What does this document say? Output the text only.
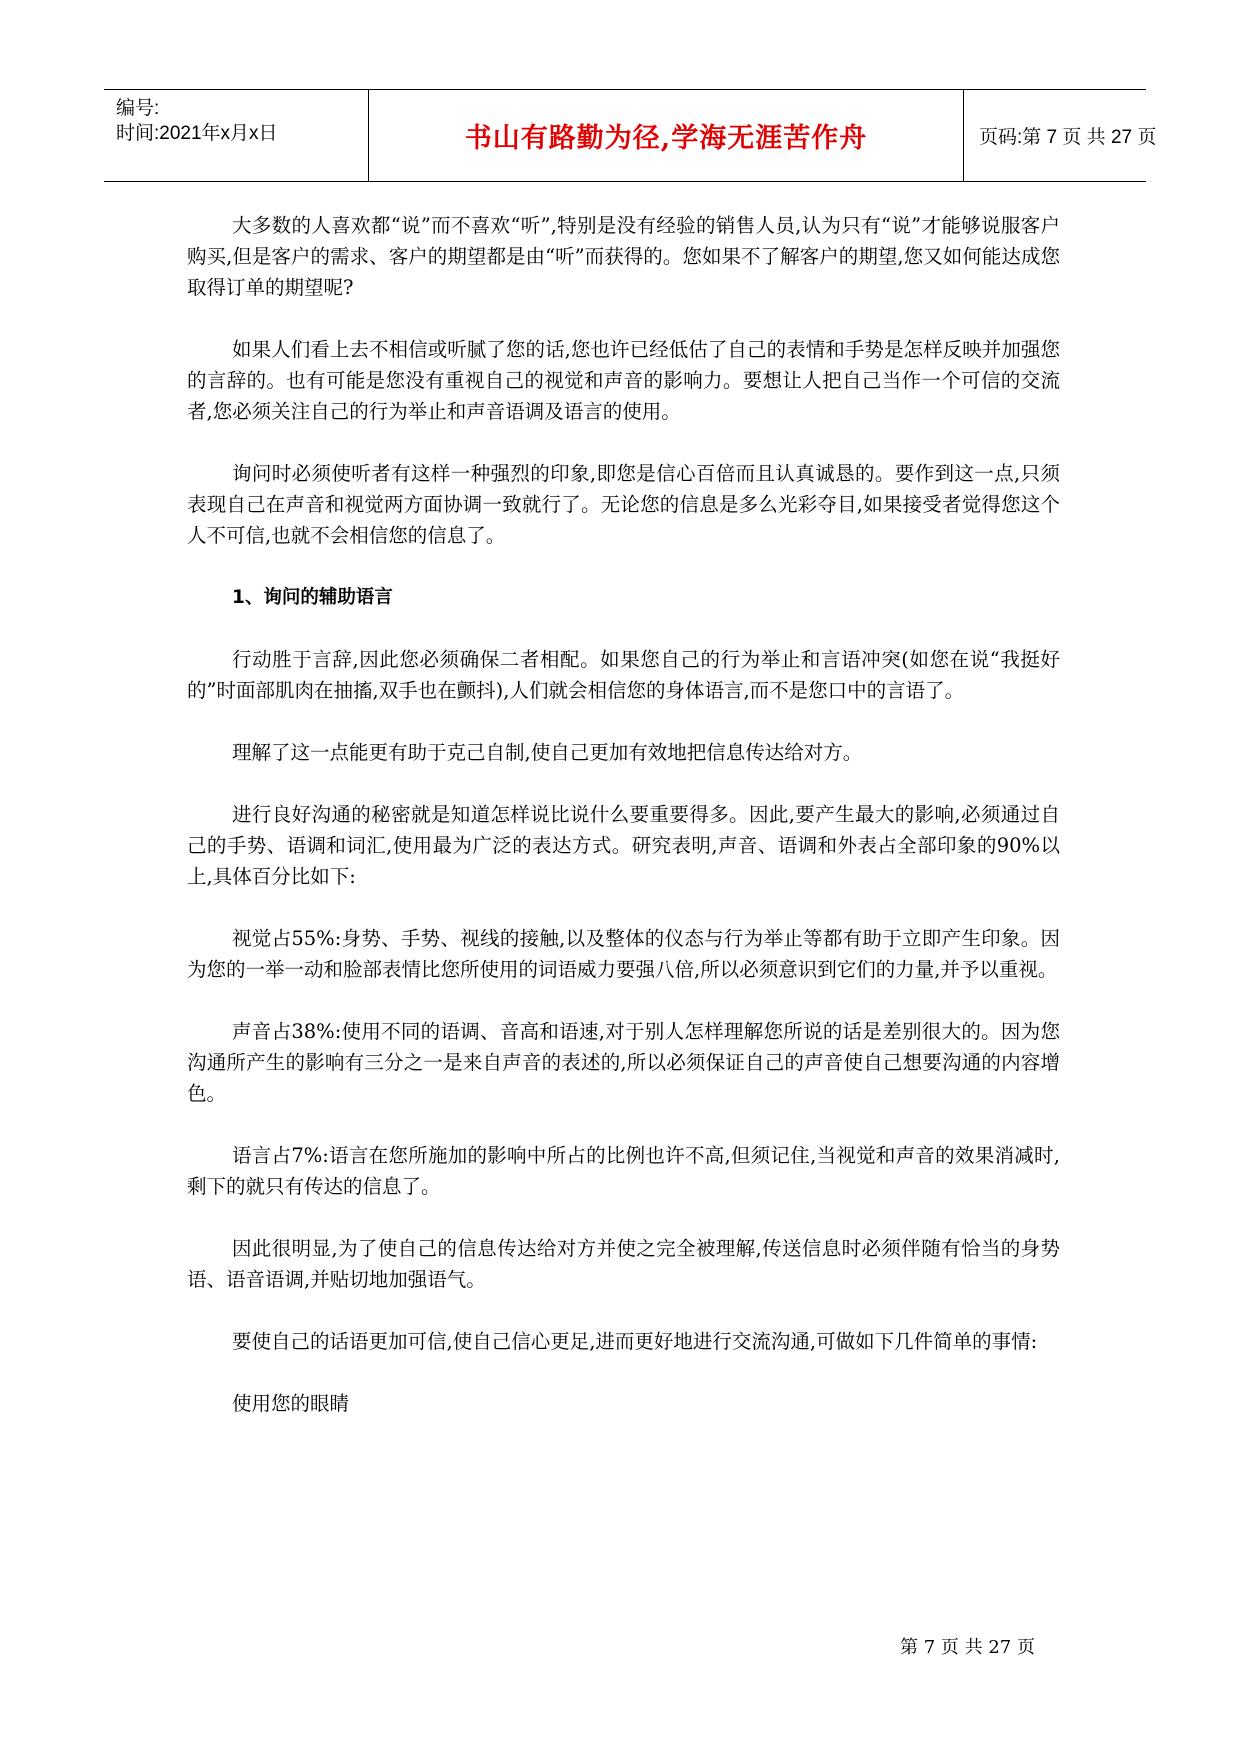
编号:
时间:2021年x月x日	书山有路勤为径,学海无涯苦作舟	页码:第 7 页 共 27 页

大多数的人喜欢都“说”而不喜欢“听”,特别是没有经验的销售人员,认为只有“说”才能够说服客户购买,但是客户的需求、客户的期望都是由“听”而获得的。您如果不了解客户的期望,您又如何能达成您取得订单的期望呢?

如果人们看上去不相信或听腻了您的话,您也许已经低估了自己的表情和手势是怎样反映并加强您的言辞的。也有可能是您没有重视自己的视觉和声音的影响力。要想让人把自己当作一个可信的交流者,您必须关注自己的行为举止和声音语调及语言的使用。

询问时必须使听者有这样一种强烈的印象,即您是信心百倍而且认真诚恳的。要作到这一点,只须表现自己在声音和视觉两方面协调一致就行了。无论您的信息是多么光彩夺目,如果接受者觉得您这个人不可信,也就不会相信您的信息了。

1、询问的辅助语言

行动胜于言辞,因此您必须确保二者相配。如果您自己的行为举止和言语冲突(如您在说“我挺好的”时面部肌肉在抽搐,双手也在颤抖),人们就会相信您的身体语言,而不是您口中的言语了。

理解了这一点能更有助于克己自制,使自己更加有效地把信息传达给对方。

进行良好沟通的秘密就是知道怎样说比说什么要重要得多。因此,要产生最大的影响,必须通过自己的手势、语调和词汇,使用最为广泛的表达方式。研究表明,声音、语调和外表占全部印象的90%以上,具体百分比如下:

视觉占55%:身势、手势、视线的接触,以及整体的仪态与行为举止等都有助于立即产生印象。因为您的一举一动和脸部表情比您所使用的词语威力要强八倍,所以必须意识到它们的力量,并予以重视。

声音占38%:使用不同的语调、音高和语速,对于别人怎样理解您所说的话是差别很大的。因为您沟通所产生的影响有三分之一是来自声音的表述的,所以必须保证自己的声音使自己想要沟通的内容增色。

语言占7%:语言在您所施加的影响中所占的比例也许不高,但须记住,当视觉和声音的效果消减时,剩下的就只有传达的信息了。

因此很明显,为了使自己的信息传达给对方并使之完全被理解,传送信息时必须伴随有恰当的身势语、语音语调,并贴切地加强语气。

要使自己的话语更加可信,使自己信心更足,进而更好地进行交流沟通,可做如下几件简单的事情:

使用您的眼睛

第 7 页 共 27 页
